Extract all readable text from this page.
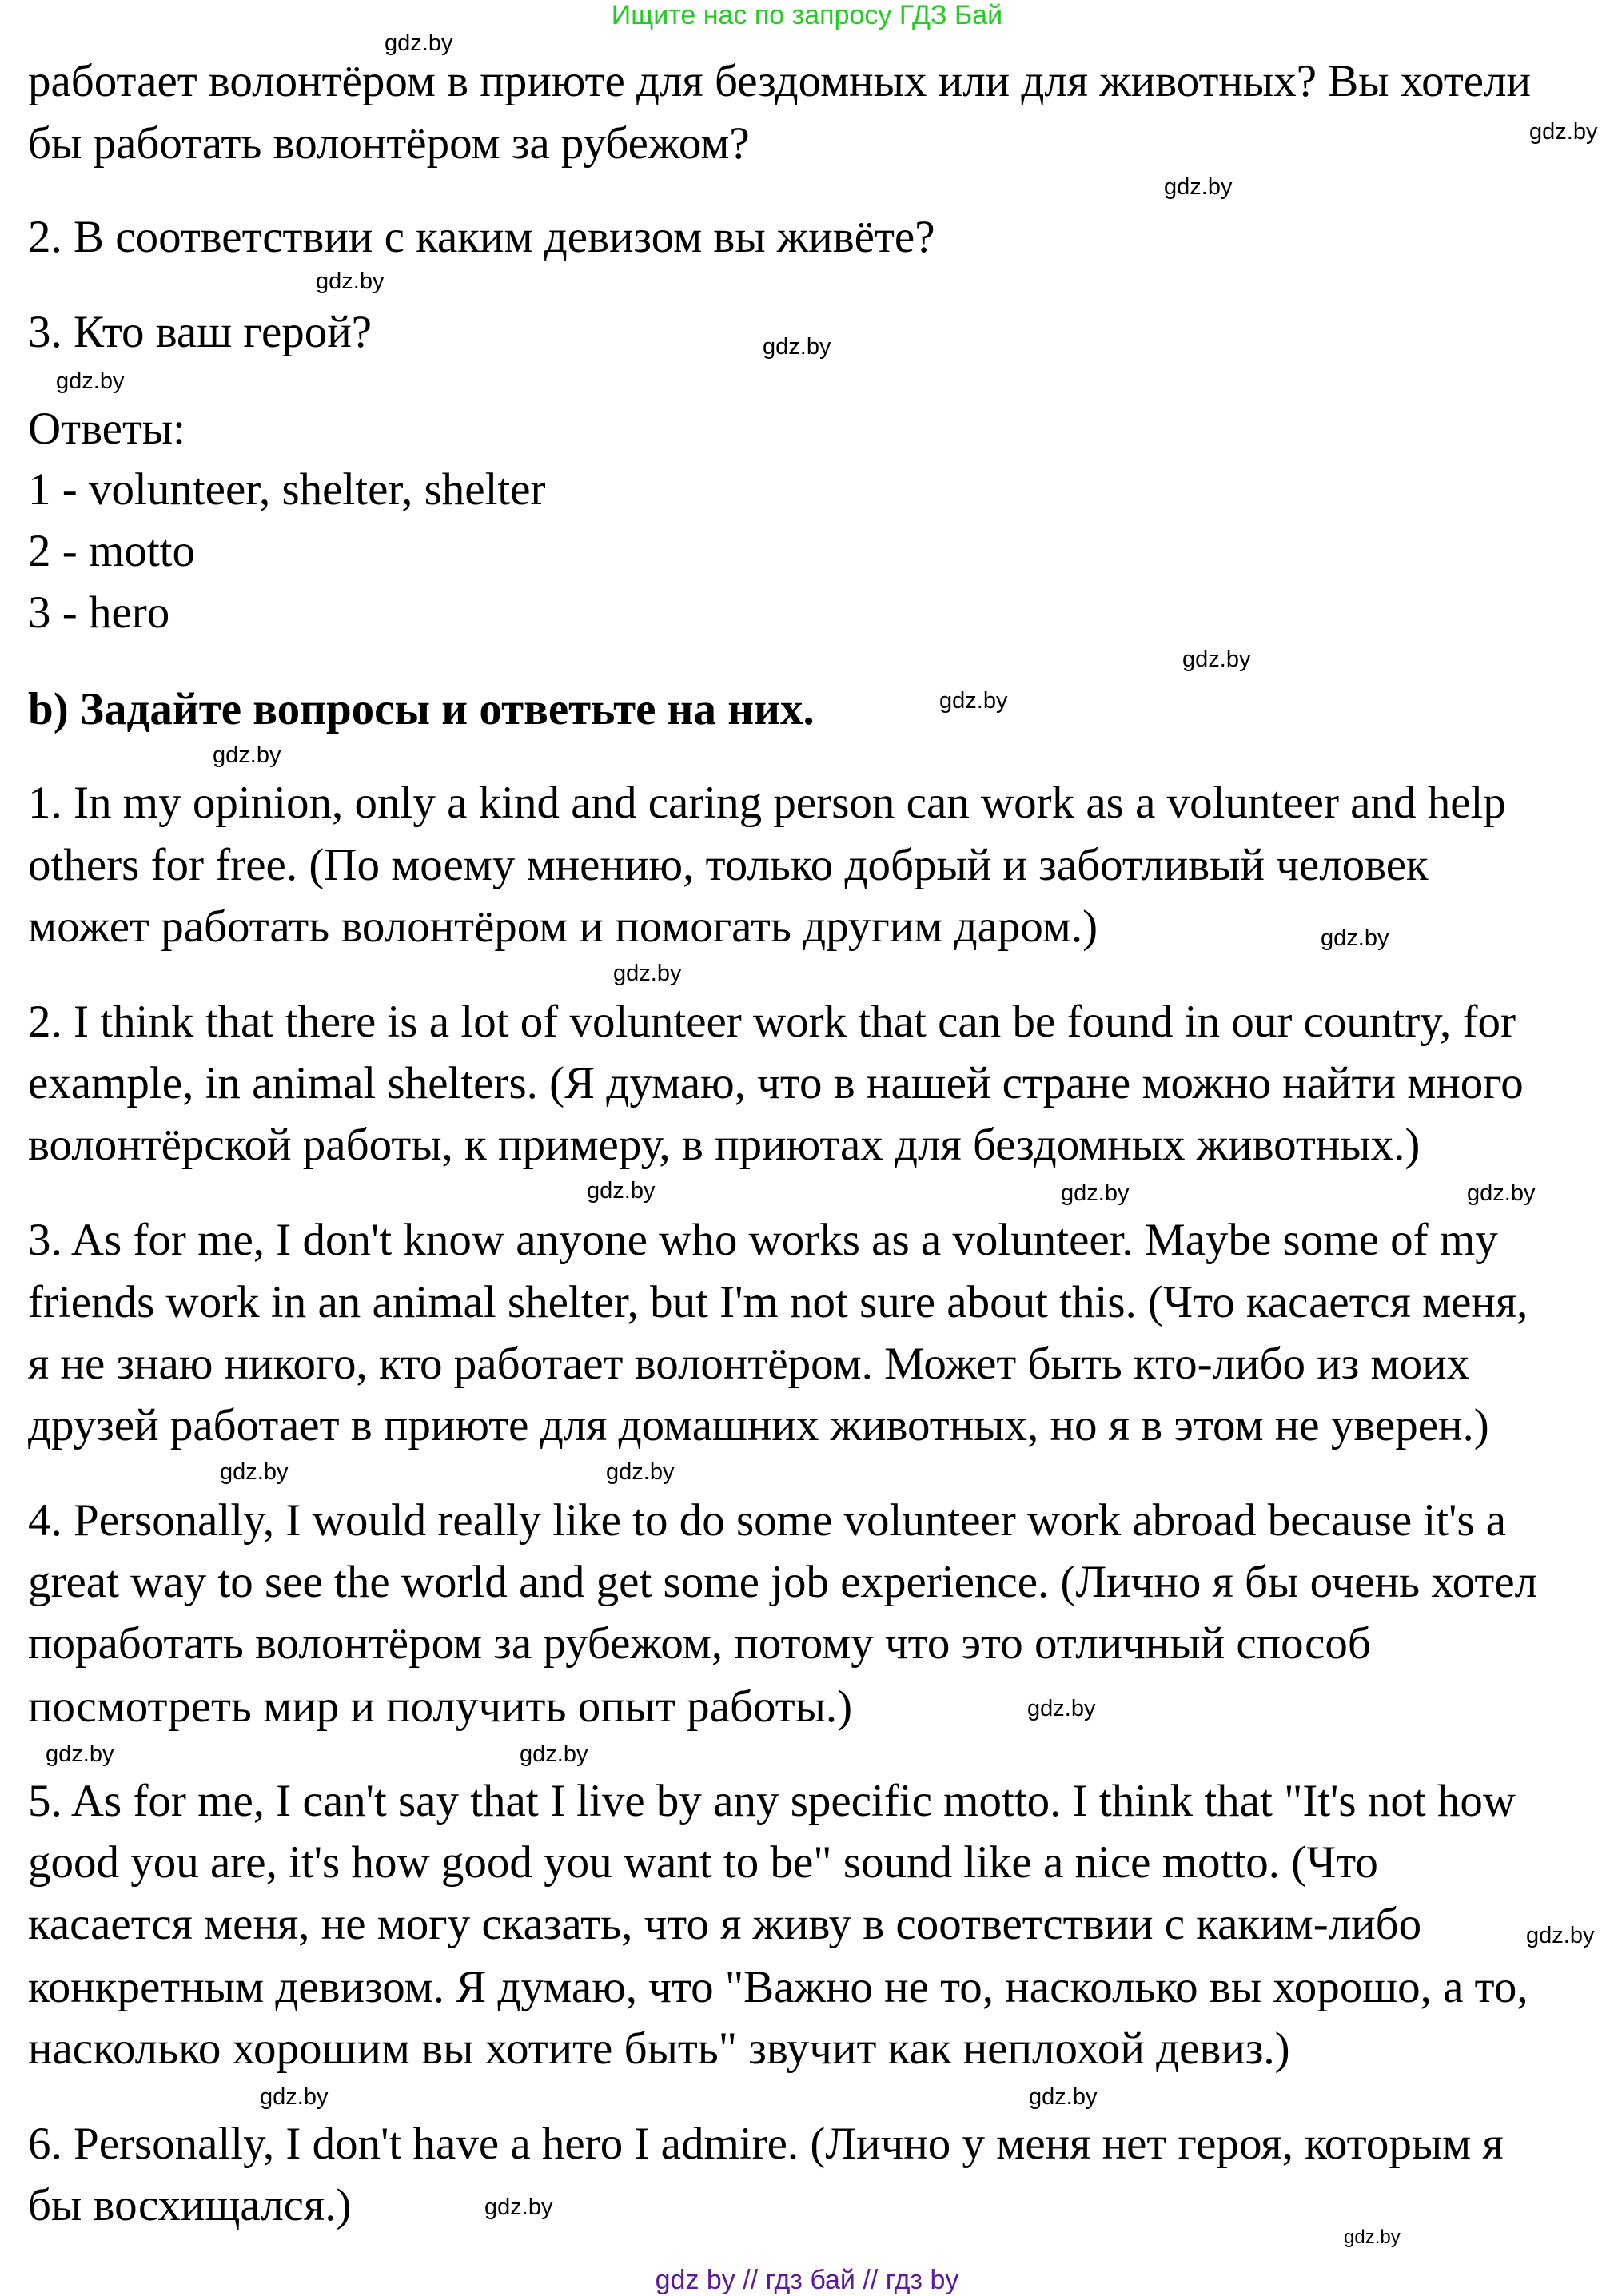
Ищите нас по запросу ГДЗ Бай
работает волонтёром в приюте для бездомных или для животных? Вы хотели
бы работать волонтёром за рубежом?
2. В соответствии с каким девизом вы живёте?
3. Кто ваш герой?
Ответы:
1 - volunteer, shelter, shelter
2 - motto
3 - hero
b) Задайте вопросы и ответьте на них.
1. In my opinion, only a kind and caring person can work as a volunteer and help
others for free. (По моему мнению, только добрый и заботливый человек
может работать волонтёром и помогать другим даром.)
2. I think that there is a lot of volunteer work that can be found in our country, for
example, in animal shelters. (Я думаю, что в нашей стране можно найти много
волонтёрской работы, к примеру, в приютах для бездомных животных.)
3. As for me, I don't know anyone who works as a volunteer. Maybe some of my
friends work in an animal shelter, but I'm not sure about this. (Что касается меня,
я не знаю никого, кто работает волонтёром. Может быть кто-либо из моих
друзей работает в приюте для домашних животных, но я в этом не уверен.)
4. Personally, I would really like to do some volunteer work abroad because it's a
great way to see the world and get some job experience. (Лично я бы очень хотел
поработать волонтёром за рубежом, потому что это отличный способ
посмотреть мир и получить опыт работы.)
5. As for me, I can't say that I live by any specific motto. I think that "It's not how
good you are, it's how good you want to be" sound like a nice motto. (Что
касается меня, не могу сказать, что я живу в соответствии с каким-либо
конкретным девизом. Я думаю, что "Важно не то, насколько вы хорошо, а то,
насколько хорошим вы хотите быть" звучит как неплохой девиз.)
6. Personally, I don't have a hero I admire. (Лично у меня нет героя, которым я
бы восхищался.)
gdz.by
gdz.by
gdz.by
gdz.by
gdz.by
gdz.by
gdz.by
gdz.by
gdz.by
gdz.by
gdz.by
gdz.by	gdz.by
gdz.by
gdz.by	gdz.by
gdz.by
gdz.by
gdz.by
gdz.by
gdz.by
gdz.by
gdz.by
gdz.by
gdz by // гдз бай // гдз by
